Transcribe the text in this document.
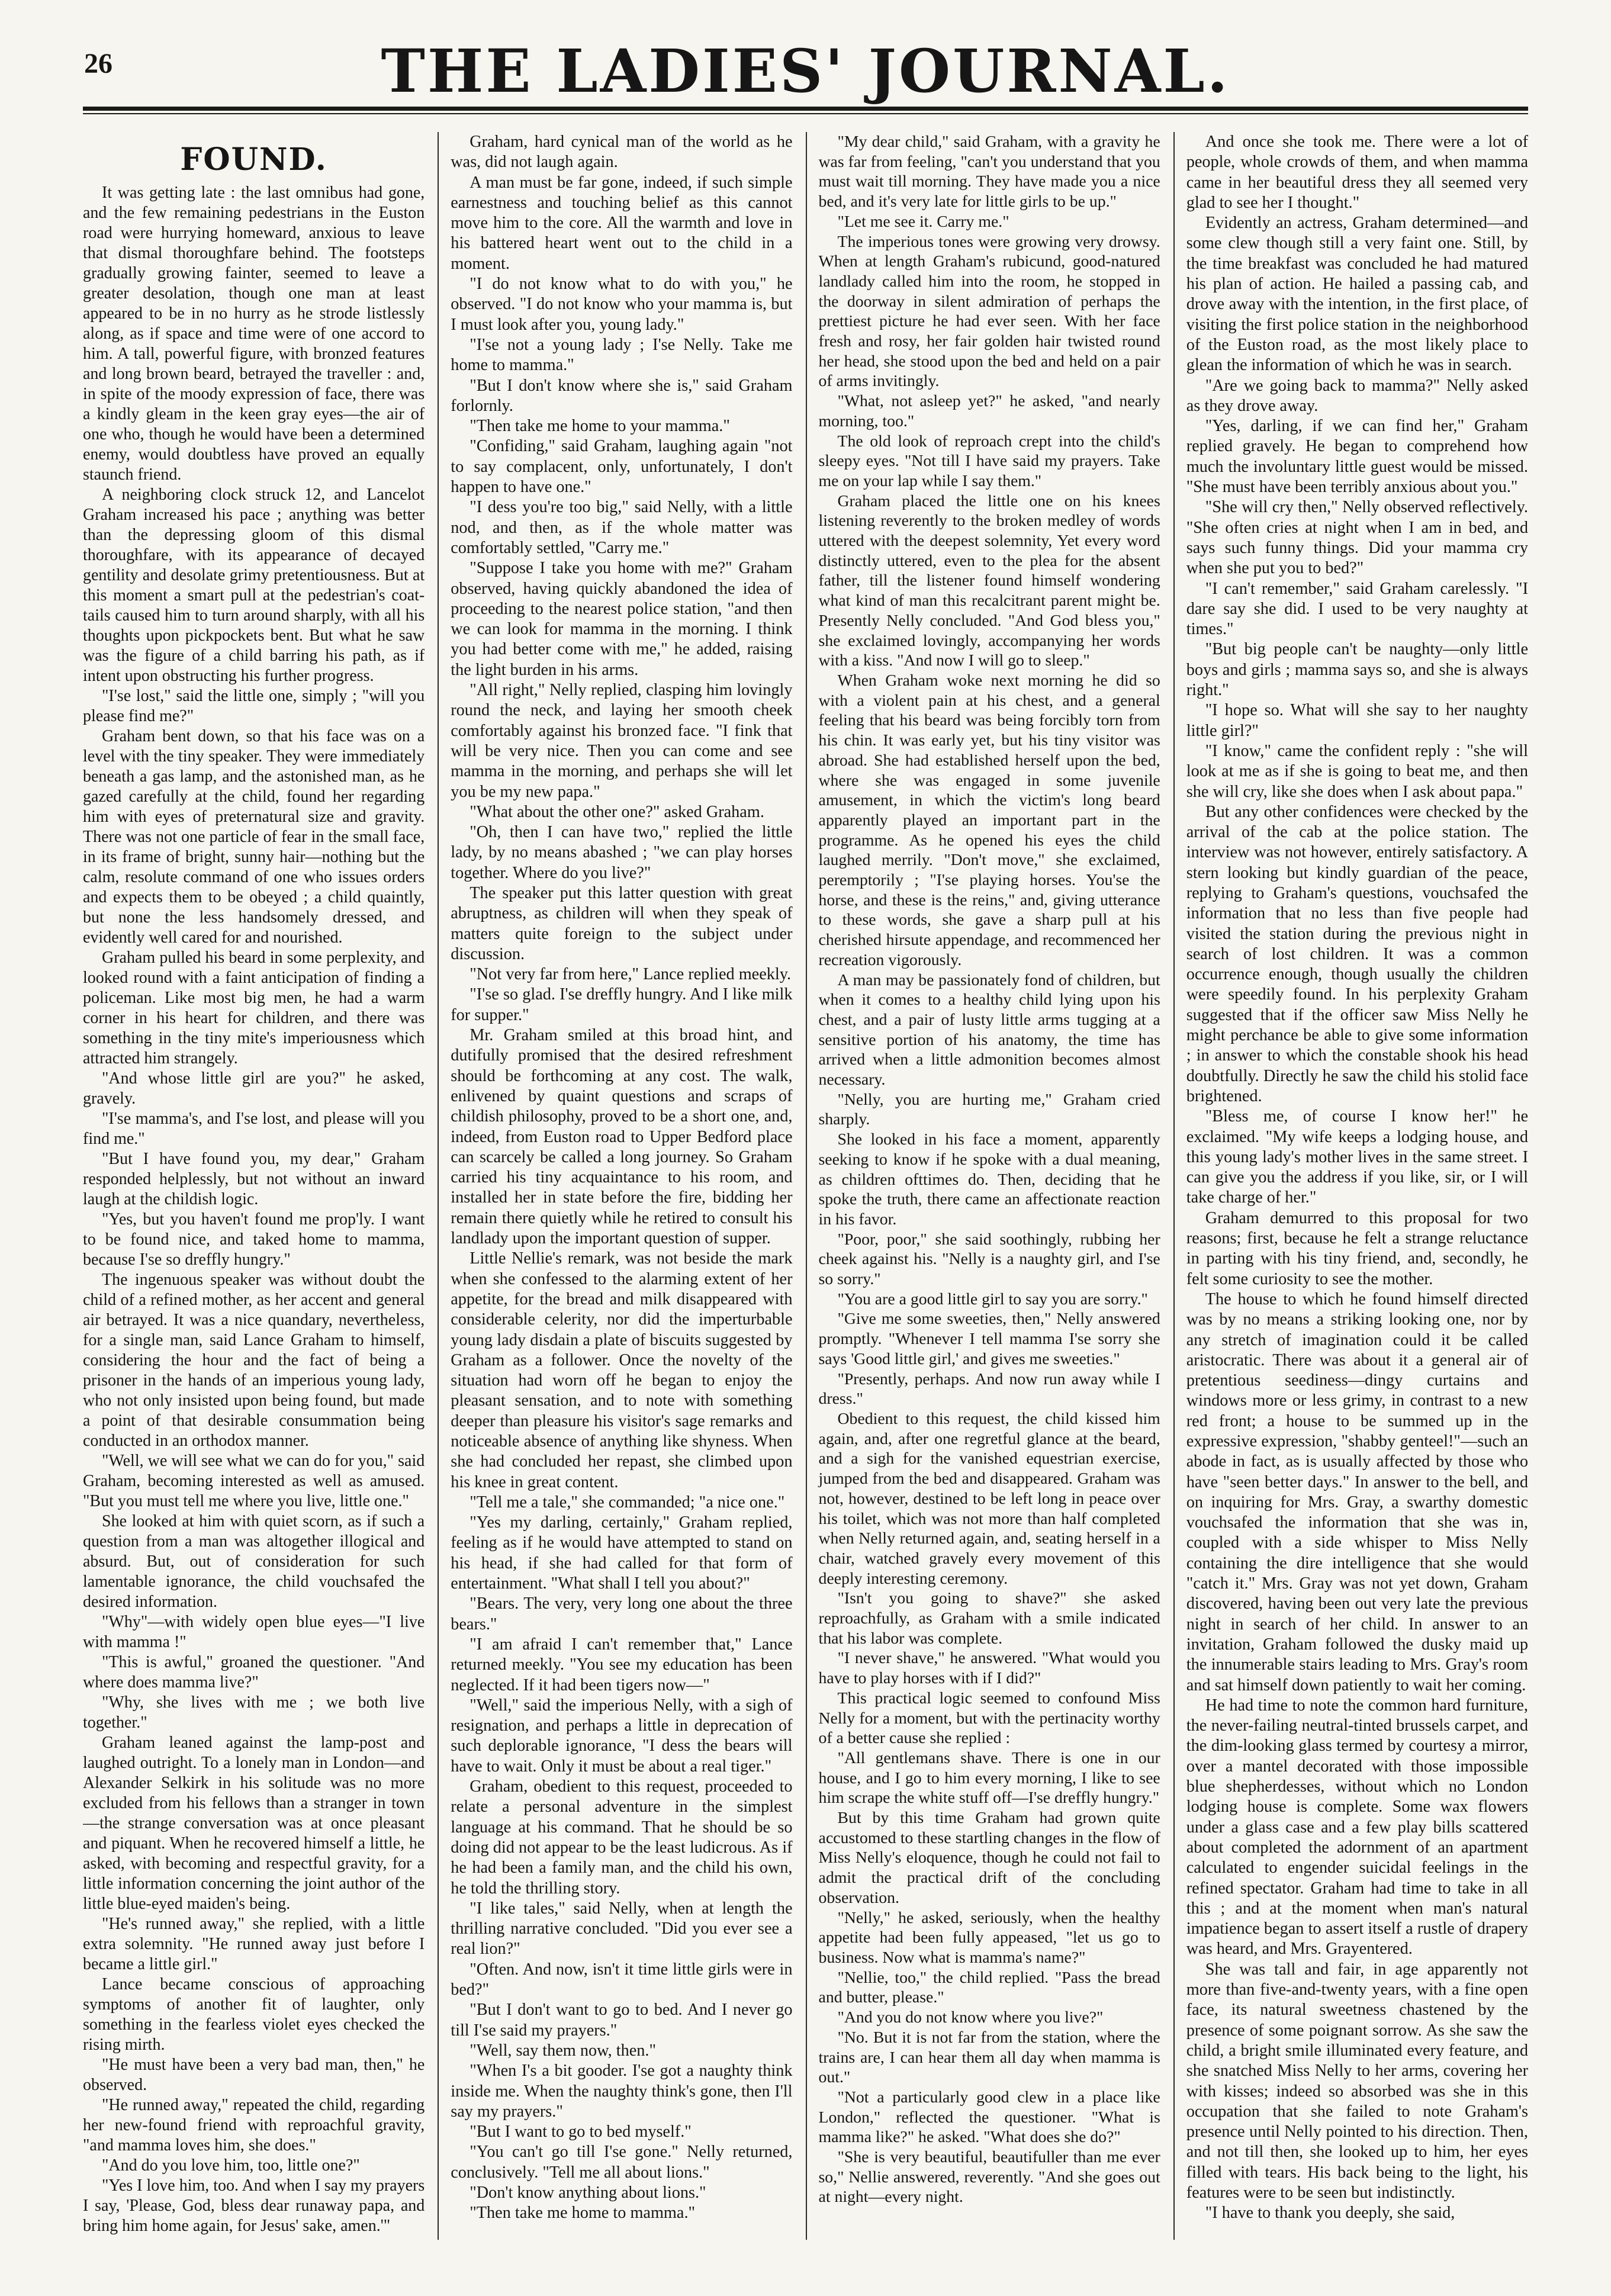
26	THE LADIES' JOURNAL.
FOUND.

It was getting late : the last omnibus had gone, and the few remaining pedestrians in the Euston road were hurrying homeward, anxious to leave that dismal thoroughfare behind. The footsteps gradually growing fainter, seemed to leave a greater desolation, though one man at least appeared to be in no hurry as he strode listlessly along, as if space and time were of one accord to him. A tall, powerful figure, with bronzed features and long brown beard, betrayed the traveller : and, in spite of the moody expression of face, there was a kindly gleam in the keen gray eyes—the air of one who, though he would have been a determined enemy, would doubtless have proved an equally staunch friend.

A neighboring clock struck 12, and Lancelot Graham increased his pace ; anything was better than the depressing gloom of this dismal thoroughfare, with its appearance of decayed gentility and desolate grimy pretentiousness. But at this moment a smart pull at the pedestrian's coat-tails caused him to turn around sharply, with all his thoughts upon pickpockets bent. But what he saw was the figure of a child barring his path, as if intent upon obstructing his further progress.

"I'se lost," said the little one, simply ; "will you please find me?"

Graham bent down, so that his face was on a level with the tiny speaker. They were immediately beneath a gas lamp, and the astonished man, as he gazed carefully at the child, found her regarding him with eyes of preternatural size and gravity. There was not one particle of fear in the small face, in its frame of bright, sunny hair—nothing but the calm, resolute command of one who issues orders and expects them to be obeyed ; a child quaintly, but none the less handsomely dressed, and evidently well cared for and nourished.

Graham pulled his beard in some perplexity, and looked round with a faint anticipation of finding a policeman. Like most big men, he had a warm corner in his heart for children, and there was something in the tiny mite's imperiousness which attracted him strangely.

"And whose little girl are you?" he asked, gravely.

"I'se mamma's, and I'se lost, and please will you find me."

"But I have found you, my dear," Graham responded helplessly, but not without an inward laugh at the childish logic.

"Yes, but you haven't found me prop'ly. I want to be found nice, and taked home to mamma, because I'se so dreffly hungry."

The ingenuous speaker was without doubt the child of a refined mother, as her accent and general air betrayed. It was a nice quandary, nevertheless, for a single man, said Lance Graham to himself, considering the hour and the fact of being a prisoner in the hands of an imperious young lady, who not only insisted upon being found, but made a point of that desirable consummation being conducted in an orthodox manner.

"Well, we will see what we can do for you," said Graham, becoming interested as well as amused. "But you must tell me where you live, little one."

She looked at him with quiet scorn, as if such a question from a man was altogether illogical and absurd. But, out of consideration for such lamentable ignorance, the child vouchsafed the desired information.

"Why"—with widely open blue eyes—"I live with mamma !"

"This is awful," groaned the questioner. "And where does mamma live?"

"Why, she lives with me ; we both live together."

Graham leaned against the lamp-post and laughed outright. To a lonely man in London—and Alexander Selkirk in his solitude was no more excluded from his fellows than a stranger in town—the strange conversation was at once pleasant and piquant. When he recovered himself a little, he asked, with becoming and respectful gravity, for a little information concerning the joint author of the little blue-eyed maiden's being.

"He's runned away," she replied, with a little extra solemnity. "He runned away just before I became a little girl."

Lance became conscious of approaching symptoms of another fit of laughter, only something in the fearless violet eyes checked the rising mirth.

"He must have been a very bad man, then," he observed.

"He runned away," repeated the child, regarding her new-found friend with reproachful gravity, "and mamma loves him, she does."

"And do you love him, too, little one?"

"Yes I love him, too. And when I say my prayers I say, 'Please, God, bless dear runaway papa, and bring him home again, for Jesus' sake, amen.'"

Graham, hard cynical man of the world as he was, did not laugh again.

A man must be far gone, indeed, if such simple earnestness and touching belief as this cannot move him to the core. All the warmth and love in his battered heart went out to the child in a moment.

"I do not know what to do with you," he observed. "I do not know who your mamma is, but I must look after you, young lady."

"I'se not a young lady ; I'se Nelly. Take me home to mamma."

"But I don't know where she is," said Graham forlornly.

"Then take me home to your mamma."

"Confiding," said Graham, laughing again "not to say complacent, only, unfortunately, I don't happen to have one."

"I dess you're too big," said Nelly, with a little nod, and then, as if the whole matter was comfortably settled, "Carry me."

"Suppose I take you home with me?" Graham observed, having quickly abandoned the idea of proceeding to the nearest police station, "and then we can look for mamma in the morning. I think you had better come with me," he added, raising the light burden in his arms.

"All right," Nelly replied, clasping him lovingly round the neck, and laying her smooth cheek comfortably against his bronzed face. "I fink that will be very nice. Then you can come and see mamma in the morning, and perhaps she will let you be my new papa."

"What about the other one?" asked Graham.

"Oh, then I can have two," replied the little lady, by no means abashed ; "we can play horses together. Where do you live?"

The speaker put this latter question with great abruptness, as children will when they speak of matters quite foreign to the subject under discussion.

"Not very far from here," Lance replied meekly.

"I'se so glad. I'se dreffly hungry. And I like milk for supper."

Mr. Graham smiled at this broad hint, and dutifully promised that the desired refreshment should be forthcoming at any cost. The walk, enlivened by quaint questions and scraps of childish philosophy, proved to be a short one, and, indeed, from Euston road to Upper Bedford place can scarcely be called a long journey. So Graham carried his tiny acquaintance to his room, and installed her in state before the fire, bidding her remain there quietly while he retired to consult his landlady upon the important question of supper.

Little Nellie's remark, was not beside the mark when she confessed to the alarming extent of her appetite, for the bread and milk disappeared with considerable celerity, nor did the imperturbable young lady disdain a plate of biscuits suggested by Graham as a follower. Once the novelty of the situation had worn off he began to enjoy the pleasant sensation, and to note with something deeper than pleasure his visitor's sage remarks and noticeable absence of anything like shyness. When she had concluded her repast, she climbed upon his knee in great content.

"Tell me a tale," she commanded; "a nice one."

"Yes my darling, certainly," Graham replied, feeling as if he would have attempted to stand on his head, if she had called for that form of entertainment. "What shall I tell you about?"

"Bears. The very, very long one about the three bears."

"I am afraid I can't remember that," Lance returned meekly. "You see my education has been neglected. If it had been tigers now—"

"Well," said the imperious Nelly, with a sigh of resignation, and perhaps a little in deprecation of such deplorable ignorance, "I dess the bears will have to wait. Only it must be about a real tiger."

Graham, obedient to this request, proceeded to relate a personal adventure in the simplest language at his command. That he should be so doing did not appear to be the least ludicrous. As if he had been a family man, and the child his own, he told the thrilling story.

"I like tales," said Nelly, when at length the thrilling narrative concluded. "Did you ever see a real lion?"

"Often. And now, isn't it time little girls were in bed?"

"But I don't want to go to bed. And I never go till I'se said my prayers."

"Well, say them now, then."

"When I's a bit gooder. I'se got a naughty think inside me. When the naughty think's gone, then I'll say my prayers."

"But I want to go to bed myself."

"You can't go till I'se gone." Nelly returned, conclusively. "Tell me all about lions."

"Don't know anything about lions."

"Then take me home to mamma."

"My dear child," said Graham, with a gravity he was far from feeling, "can't you understand that you must wait till morning. They have made you a nice bed, and it's very late for little girls to be up."

"Let me see it. Carry me."

The imperious tones were growing very drowsy. When at length Graham's rubicund, good-natured landlady called him into the room, he stopped in the doorway in silent admiration of perhaps the prettiest picture he had ever seen. With her face fresh and rosy, her fair golden hair twisted round her head, she stood upon the bed and held on a pair of arms invitingly.

"What, not asleep yet?" he asked, "and nearly morning, too."

The old look of reproach crept into the child's sleepy eyes. "Not till I have said my prayers. Take me on your lap while I say them."

Graham placed the little one on his knees listening reverently to the broken medley of words uttered with the deepest solemnity, Yet every word distinctly uttered, even to the plea for the absent father, till the listener found himself wondering what kind of man this recalcitrant parent might be. Presently Nelly concluded. "And God bless you," she exclaimed lovingly, accompanying her words with a kiss. "And now I will go to sleep."

When Graham woke next morning he did so with a violent pain at his chest, and a general feeling that his beard was being forcibly torn from his chin. It was early yet, but his tiny visitor was abroad. She had established herself upon the bed, where she was engaged in some juvenile amusement, in which the victim's long beard apparently played an important part in the programme. As he opened his eyes the child laughed merrily. "Don't move," she exclaimed, peremptorily ; "I'se playing horses. You'se the horse, and these is the reins," and, giving utterance to these words, she gave a sharp pull at his cherished hirsute appendage, and recommenced her recreation vigorously.

A man may be passionately fond of children, but when it comes to a healthy child lying upon his chest, and a pair of lusty little arms tugging at a sensitive portion of his anatomy, the time has arrived when a little admonition becomes almost necessary.

"Nelly, you are hurting me," Graham cried sharply.

She looked in his face a moment, apparently seeking to know if he spoke with a dual meaning, as children ofttimes do. Then, deciding that he spoke the truth, there came an affectionate reaction in his favor.

"Poor, poor," she said soothingly, rubbing her cheek against his. "Nelly is a naughty girl, and I'se so sorry."

"You are a good little girl to say you are sorry."

"Give me some sweeties, then," Nelly answered promptly. "Whenever I tell mamma I'se sorry she says 'Good little girl,' and gives me sweeties."

"Presently, perhaps. And now run away while I dress."

Obedient to this request, the child kissed him again, and, after one regretful glance at the beard, and a sigh for the vanished equestrian exercise, jumped from the bed and disappeared. Graham was not, however, destined to be left long in peace over his toilet, which was not more than half completed when Nelly returned again, and, seating herself in a chair, watched gravely every movement of this deeply interesting ceremony.

"Isn't you going to shave?" she asked reproachfully, as Graham with a smile indicated that his labor was complete.

"I never shave," he answered. "What would you have to play horses with if I did?"

This practical logic seemed to confound Miss Nelly for a moment, but with the pertinacity worthy of a better cause she replied :

"All gentlemans shave. There is one in our house, and I go to him every morning, I like to see him scrape the white stuff off—I'se dreffly hungry."

But by this time Graham had grown quite accustomed to these startling changes in the flow of Miss Nelly's eloquence, though he could not fail to admit the practical drift of the concluding observation.

"Nelly," he asked, seriously, when the healthy appetite had been fully appeased, "let us go to business. Now what is mamma's name?"

"Nellie, too," the child replied. "Pass the bread and butter, please."

"And you do not know where you live?"

"No. But it is not far from the station, where the trains are, I can hear them all day when mamma is out."

"Not a particularly good clew in a place like London," reflected the questioner. "What is mamma like?" he asked. "What does she do?"

"She is very beautiful, beautifuller than me ever so," Nellie answered, reverently. "And she goes out at night—every night.

And once she took me. There were a lot of people, whole crowds of them, and when mamma came in her beautiful dress they all seemed very glad to see her I thought."

Evidently an actress, Graham determined—and some clew though still a very faint one. Still, by the time breakfast was concluded he had matured his plan of action. He hailed a passing cab, and drove away with the intention, in the first place, of visiting the first police station in the neighborhood of the Euston road, as the most likely place to glean the information of which he was in search.

"Are we going back to mamma?" Nelly asked as they drove away.

"Yes, darling, if we can find her," Graham replied gravely. He began to comprehend how much the involuntary little guest would be missed. "She must have been terribly anxious about you."

"She will cry then," Nelly observed reflectively. "She often cries at night when I am in bed, and says such funny things. Did your mamma cry when she put you to bed?"

"I can't remember," said Graham carelessly. "I dare say she did. I used to be very naughty at times."

"But big people can't be naughty—only little boys and girls ; mamma says so, and she is always right."

"I hope so. What will she say to her naughty little girl?"

"I know," came the confident reply : "she will look at me as if she is going to beat me, and then she will cry, like she does when I ask about papa."

But any other confidences were checked by the arrival of the cab at the police station. The interview was not however, entirely satisfactory. A stern looking but kindly guardian of the peace, replying to Graham's questions, vouchsafed the information that no less than five people had visited the station during the previous night in search of lost children. It was a common occurrence enough, though usually the children were speedily found. In his perplexity Graham suggested that if the officer saw Miss Nelly he might perchance be able to give some information ; in answer to which the constable shook his head doubtfully. Directly he saw the child his stolid face brightened.

"Bless me, of course I know her!" he exclaimed. "My wife keeps a lodging house, and this young lady's mother lives in the same street. I can give you the address if you like, sir, or I will take charge of her."

Graham demurred to this proposal for two reasons; first, because he felt a strange reluctance in parting with his tiny friend, and, secondly, he felt some curiosity to see the mother.

The house to which he found himself directed was by no means a striking looking one, nor by any stretch of imagination could it be called aristocratic. There was about it a general air of pretentious seediness—dingy curtains and windows more or less grimy, in contrast to a new red front; a house to be summed up in the expressive expression, "shabby genteel!"—such an abode in fact, as is usually affected by those who have "seen better days." In answer to the bell, and on inquiring for Mrs. Gray, a swarthy domestic vouchsafed the information that she was in, coupled with a side whisper to Miss Nelly containing the dire intelligence that she would "catch it." Mrs. Gray was not yet down, Graham discovered, having been out very late the previous night in search of her child. In answer to an invitation, Graham followed the dusky maid up the innumerable stairs leading to Mrs. Gray's room and sat himself down patiently to wait her coming.

He had time to note the common hard furniture, the never-failing neutral-tinted brussels carpet, and the dim-looking glass termed by courtesy a mirror, over a mantel decorated with those impossible blue shepherdesses, without which no London lodging house is complete. Some wax flowers under a glass case and a few play bills scattered about completed the adornment of an apartment calculated to engender suicidal feelings in the refined spectator. Graham had time to take in all this ; and at the moment when man's natural impatience began to assert itself a rustle of drapery was heard, and Mrs. Grayentered.

She was tall and fair, in age apparently not more than five-and-twenty years, with a fine open face, its natural sweetness chastened by the presence of some poignant sorrow. As she saw the child, a bright smile illuminated every feature, and she snatched Miss Nelly to her arms, covering her with kisses; indeed so absorbed was she in this occupation that she failed to note Graham's presence until Nelly pointed to his direction. Then, and not till then, she looked up to him, her eyes filled with tears. His back being to the light, his features were to be seen but indistinctly.

"I have to thank you deeply, she said,
